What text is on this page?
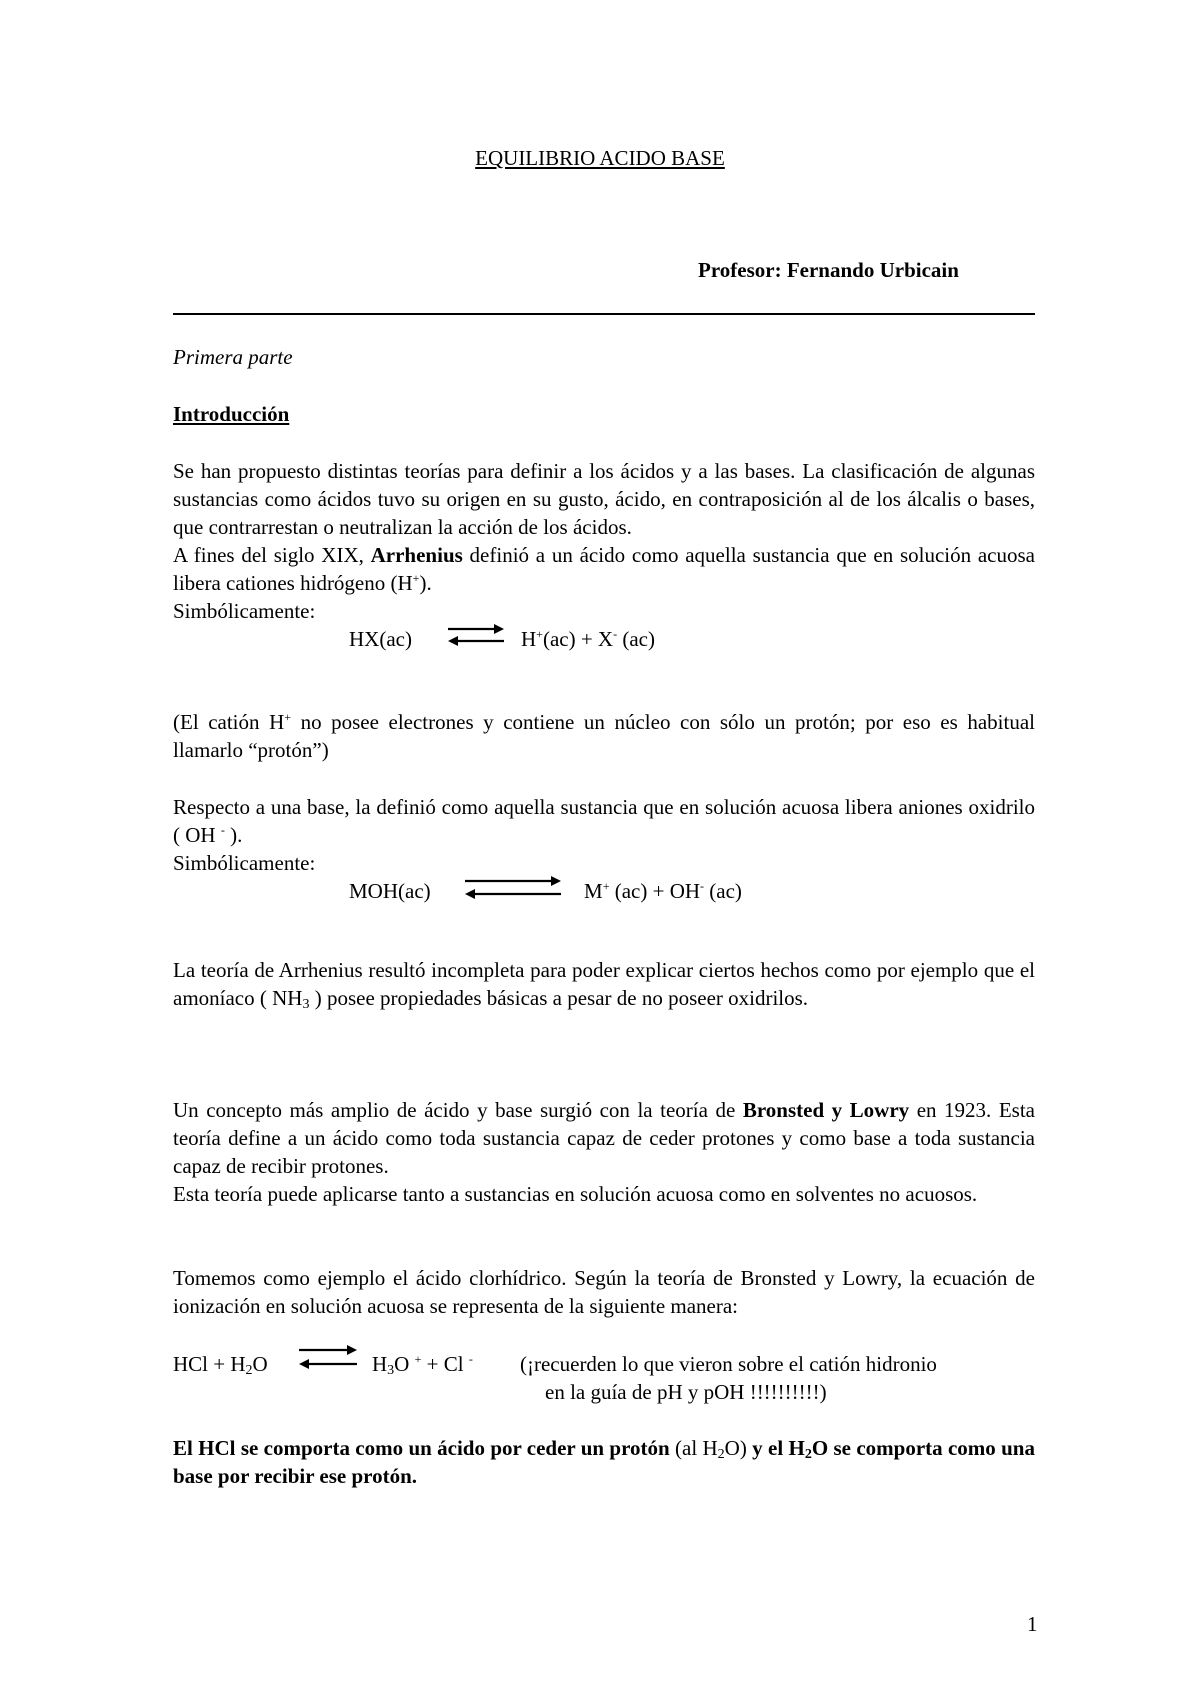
EQUILIBRIO ACIDO BASE
Profesor: Fernando Urbicain
Primera parte
Introducción
Se han propuesto distintas teorías para definir a los ácidos y a las bases. La clasificación de algunas sustancias como ácidos tuvo su origen en su gusto, ácido, en contraposición al de los álcalis o bases, que contrarrestan o neutralizan la acción de los ácidos.
A fines del siglo XIX, Arrhenius definió a un ácido como aquella sustancia que en solución acuosa libera cationes hidrógeno (H+).
Simbólicamente:
HX(ac) ⇌ H+(ac) + X- (ac)
(El catión H+ no posee electrones y contiene un núcleo con sólo un protón; por eso es habitual llamarlo “protón”)
Respecto a una base, la definió como aquella sustancia que en solución acuosa libera aniones oxidrilo ( OH - ).
Simbólicamente:
MOH(ac)	M+ (ac) + OH- (ac)
La teoría de Arrhenius resultó incompleta para poder explicar ciertos hechos como por ejemplo que el amoníaco ( $NH_3$ ) posee propiedades básicas a pesar de no poseer oxidrilos.
Un concepto más amplio de ácido y base surgió con la teoría de Bronsted y Lowry en 1923. Esta teoría define a un ácido como toda sustancia capaz de ceder protones y como base a toda sustancia capaz de recibir protones.
Esta teoría puede aplicarse tanto a sustancias en solución acuosa como en solventes no acuosos.
Tomemos como ejemplo el ácido clorhídrico. Según la teoría de Bronsted y Lowry, la ecuación de ionización en solución acuosa se representa de la siguiente manera:
HCl + $H_2O$ ⇌ $H_3O$ + + Cl - (¡recuerden lo que vieron sobre el catión hidronio
en la guía de pH y pOH !!!!!!!!!!)
El HCl se comporta como un ácido por ceder un protón (al $H_2O$) y el $H_2O$ se comporta como una base por recibir ese protón.
1
